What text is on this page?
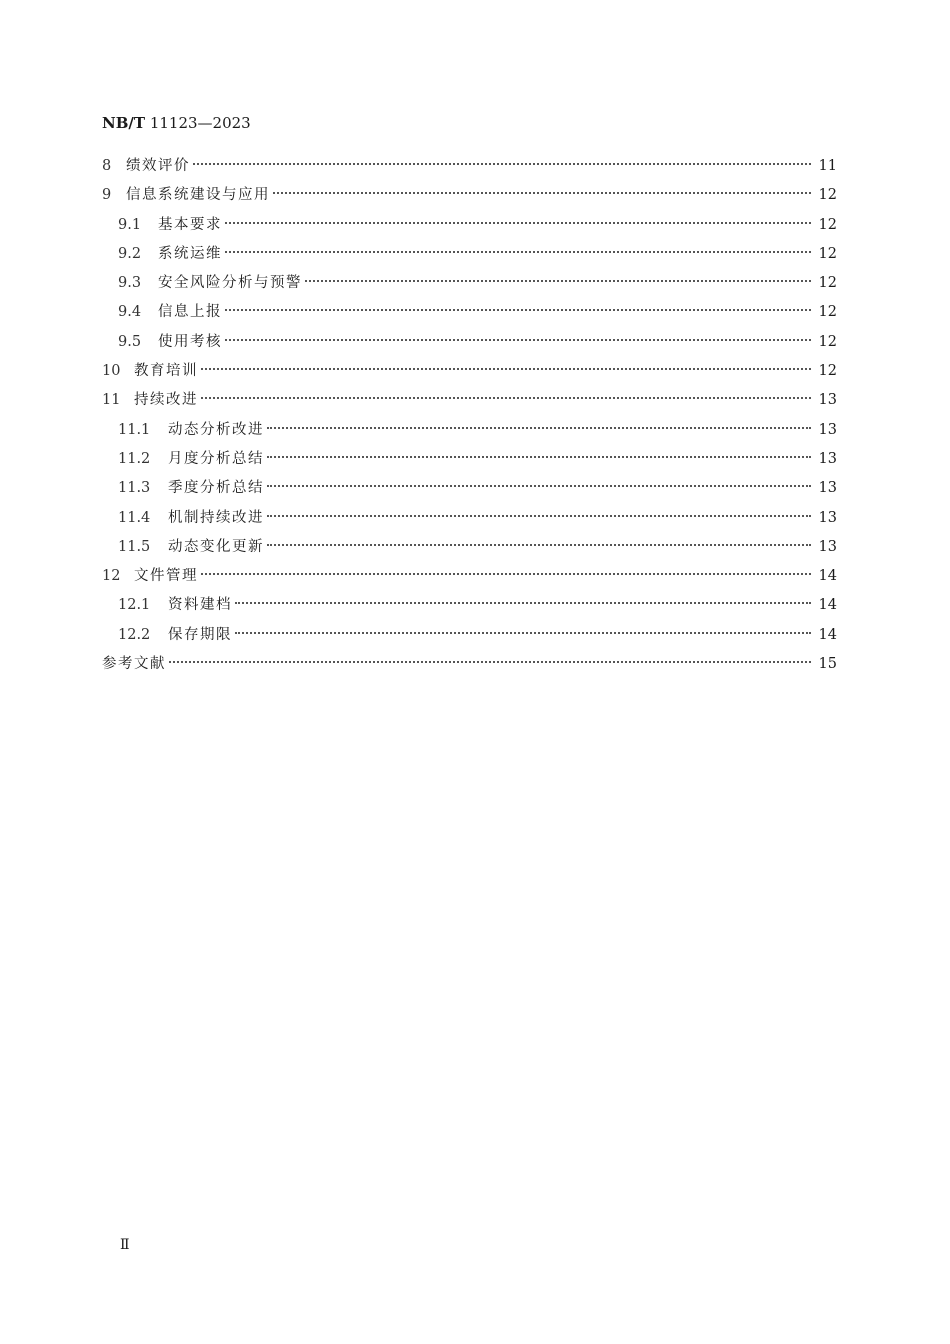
NB/T 11123—2023
8	绩效评价	11
9	信息系统建设与应用	12
9.1	基本要求	12
9.2	系统运维	12
9.3	安全风险分析与预警	12
9.4	信息上报	12
9.5	使用考核	12
10 教育培训	12
11 持续改进	13
11.1	动态分析改进	13
11.2	月度分析总结	13
11.3	季度分析总结	13
11.4	机制持续改进	13
11.5	动态变化更新	13
12 文件管理	14
12.1	资料建档	14
12.2	保存期限	14
参考文献	15
Ⅱ
